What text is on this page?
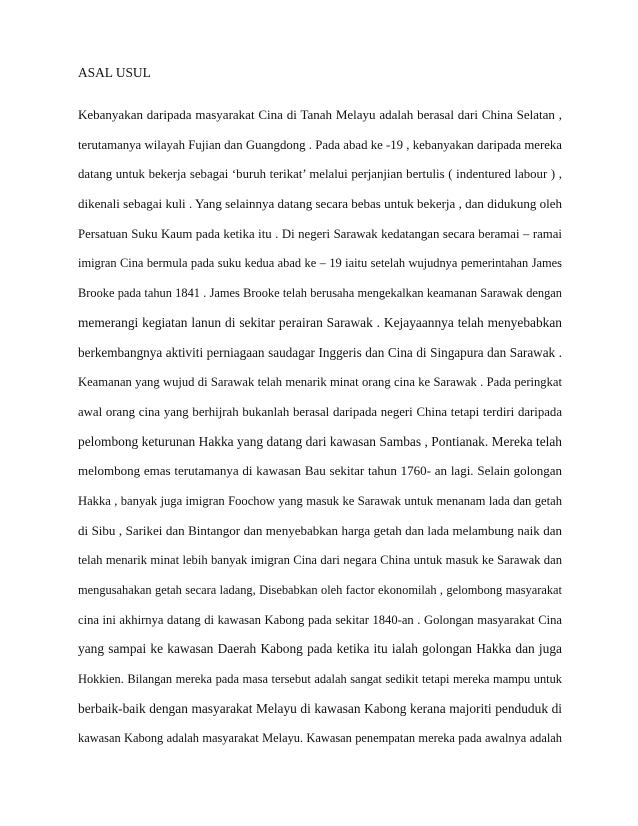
ASAL USUL
Kebanyakan daripada masyarakat Cina di Tanah Melayu adalah berasal dari China Selatan ,
terutamanya wilayah Fujian dan Guangdong . Pada abad ke -19 , kebanyakan daripada mereka
datang untuk bekerja sebagai ‘buruh terikat’ melalui perjanjian bertulis ( indentured labour ) ,
dikenali sebagai kuli . Yang selainnya datang secara bebas untuk bekerja , dan didukung oleh
Persatuan Suku Kaum pada ketika itu . Di negeri Sarawak kedatangan secara beramai – ramai
imigran Cina bermula pada suku kedua abad ke – 19 iaitu setelah wujudnya pemerintahan James
Brooke pada tahun 1841 . James Brooke telah berusaha mengekalkan keamanan Sarawak dengan
memerangi kegiatan lanun di sekitar perairan Sarawak . Kejayaannya telah menyebabkan
berkembangnya aktiviti perniagaan saudagar Inggeris dan Cina di Singapura dan Sarawak .
Keamanan yang wujud di Sarawak telah menarik minat orang cina ke Sarawak . Pada peringkat
awal orang cina yang berhijrah bukanlah berasal daripada negeri China tetapi terdiri daripada
pelombong keturunan Hakka yang datang dari kawasan Sambas , Pontianak. Mereka telah
melombong emas terutamanya di kawasan Bau sekitar tahun 1760- an lagi. Selain golongan
Hakka , banyak juga imigran Foochow yang masuk ke Sarawak untuk menanam lada dan getah
di Sibu , Sarikei dan Bintangor dan menyebabkan harga getah dan lada melambung naik dan
telah menarik minat lebih banyak imigran Cina dari negara China untuk masuk ke Sarawak dan
mengusahakan getah secara ladang, Disebabkan oleh factor ekonomilah , gelombong masyarakat
cina ini akhirnya datang di kawasan Kabong pada sekitar 1840-an . Golongan masyarakat Cina
yang sampai ke kawasan Daerah Kabong pada ketika itu ialah golongan Hakka dan juga
Hokkien. Bilangan mereka pada masa tersebut adalah sangat sedikit tetapi mereka mampu untuk
berbaik-baik dengan masyarakat Melayu di kawasan Kabong kerana majoriti penduduk di
kawasan Kabong adalah masyarakat Melayu. Kawasan penempatan mereka pada awalnya adalah
